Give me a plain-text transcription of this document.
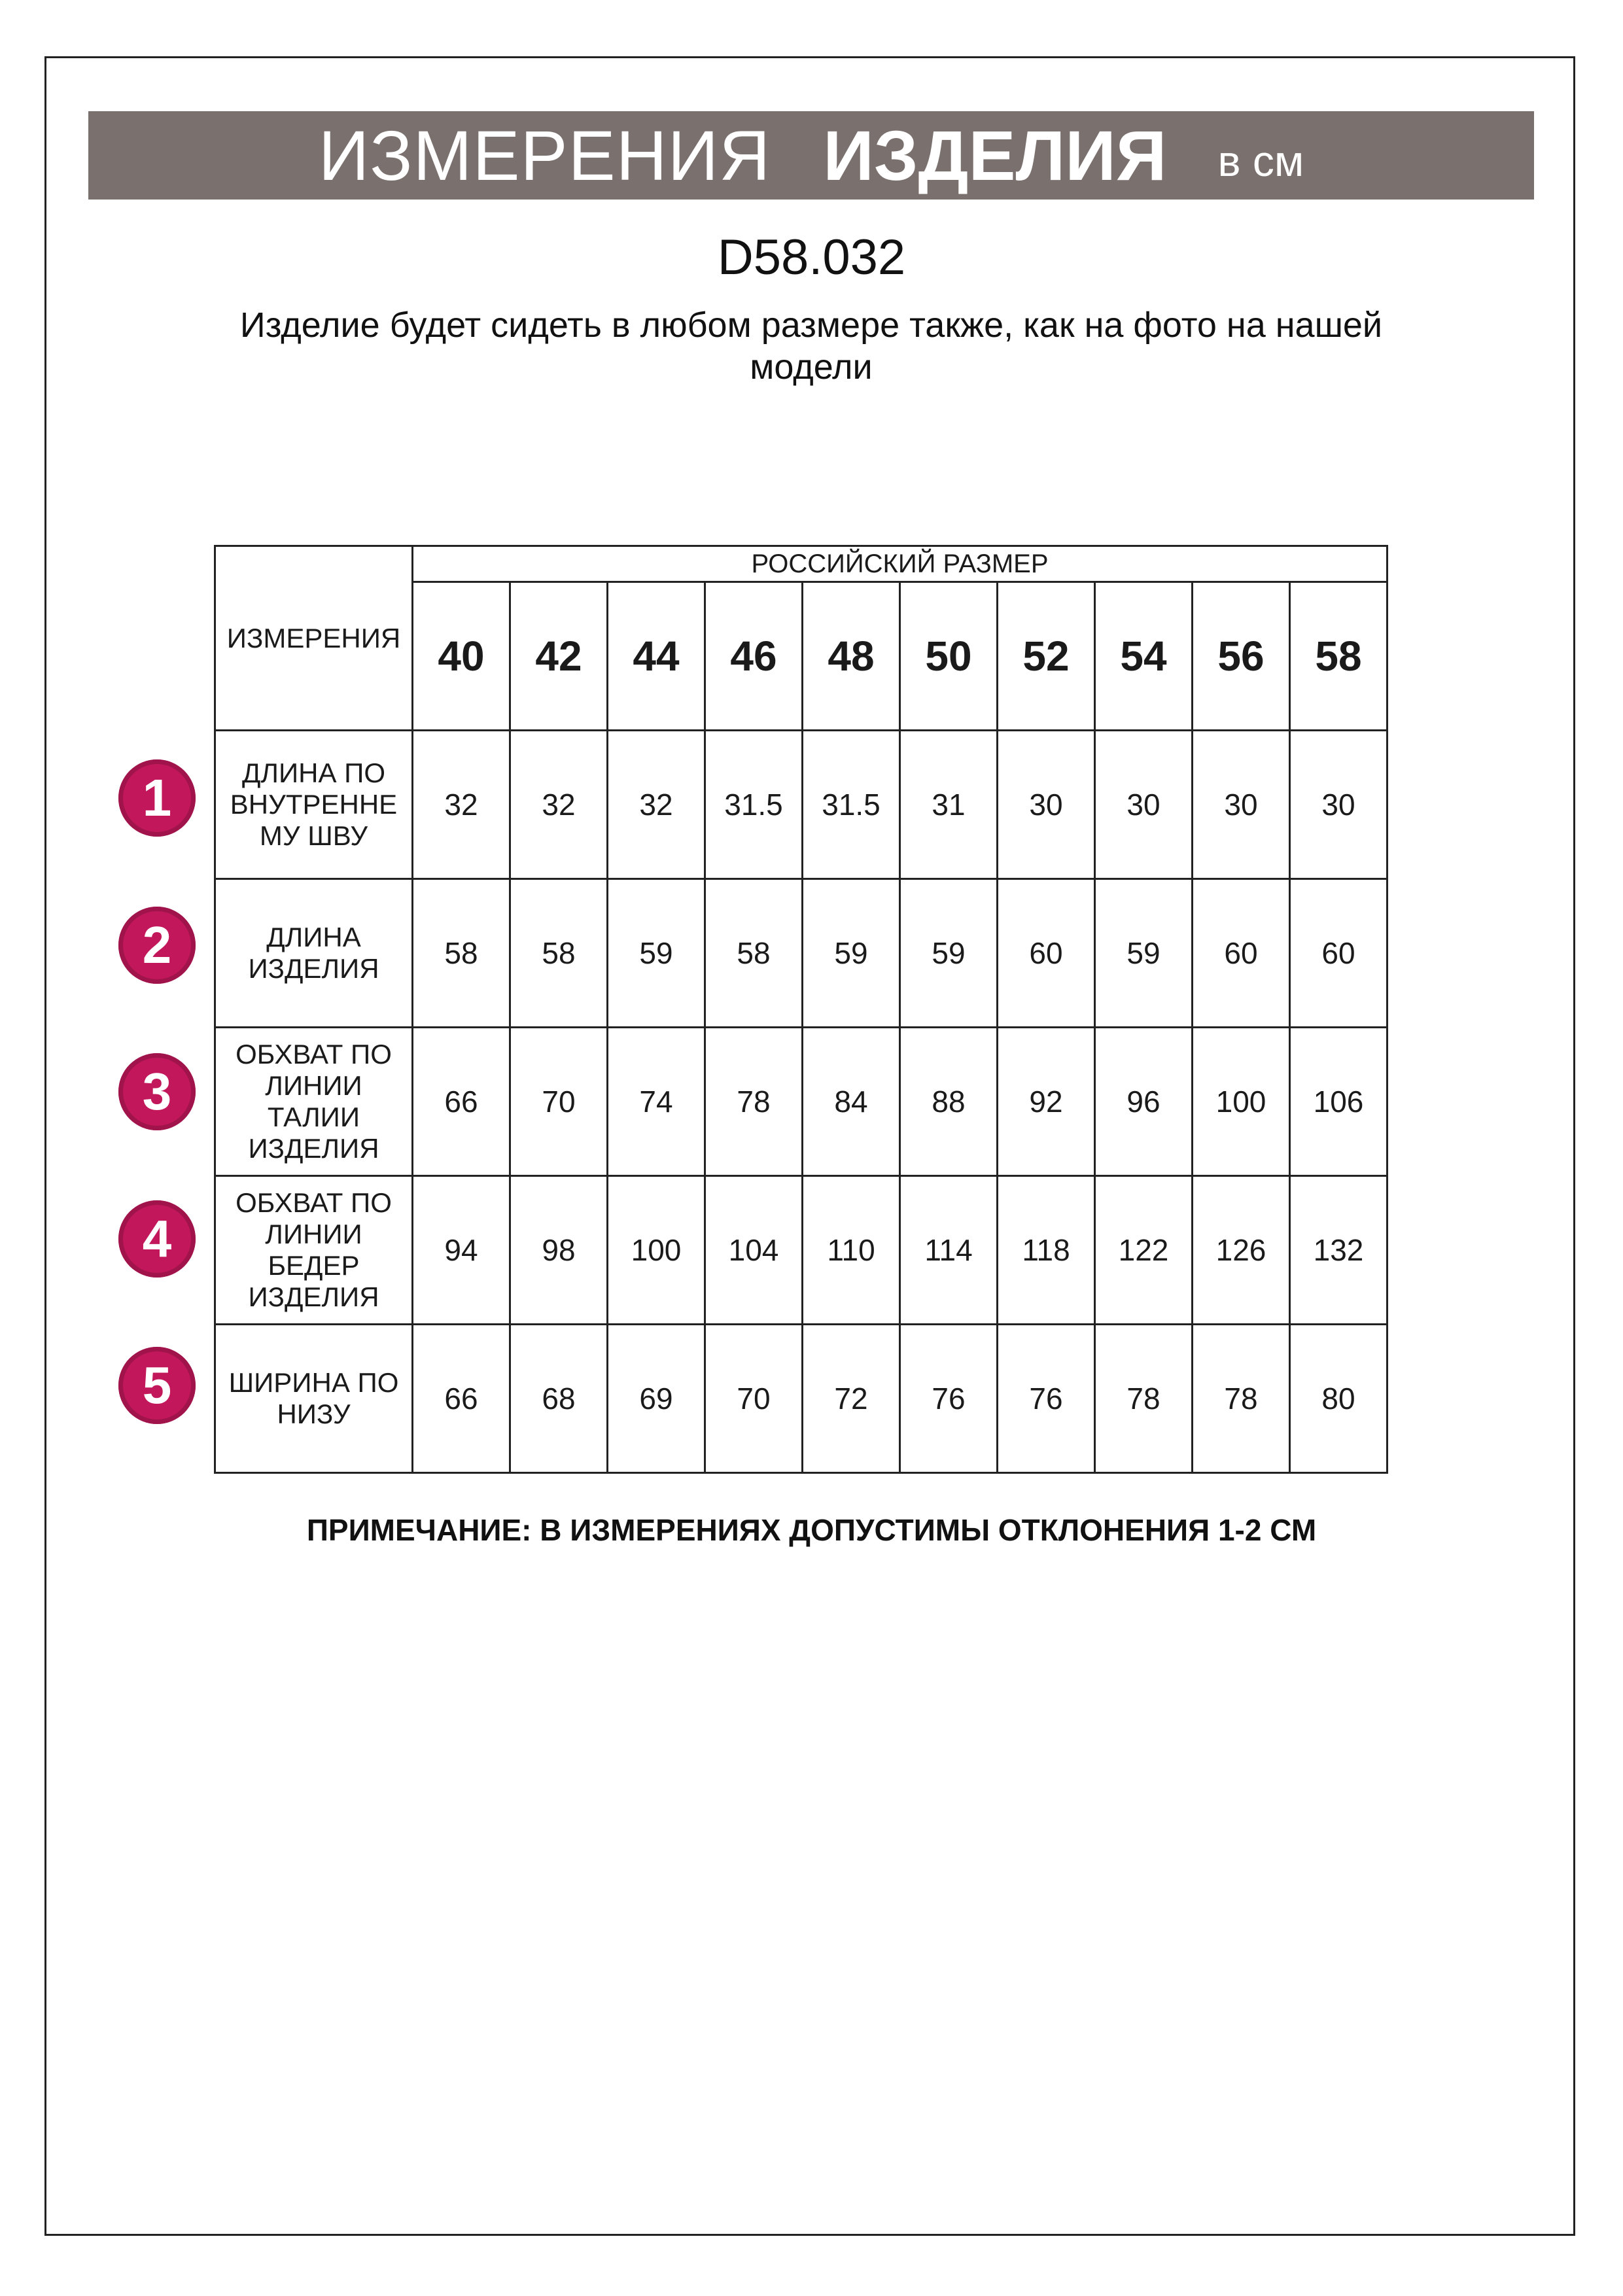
ИЗМЕРЕНИЯ ИЗДЕЛИЯ в см
D58.032
Изделие будет сидеть в любом размере также, как на фото на нашей модели
ИЗМЕРЕНИЯ	РОССИЙСКИЙ РАЗМЕР									
	40	42	44	46	48	50	52	54	56	58
ДЛИНА ПО ВНУТРЕННЕ МУ ШВУ	32	32	32	31.5	31.5	31	30	30	30	30
ДЛИНА ИЗДЕЛИЯ	58	58	59	58	59	59	60	59	60	60
ОБХВАТ ПО ЛИНИИ ТАЛИИ ИЗДЕЛИЯ	66	70	74	78	84	88	92	96	100	106
ОБХВАТ ПО ЛИНИИ БЕДЕР ИЗДЕЛИЯ	94	98	100	104	110	114	118	122	126	132
ШИРИНА ПО НИЗУ	66	68	69	70	72	76	76	78	78	80
1
2
3
4
5
ПРИМЕЧАНИЕ: В ИЗМЕРЕНИЯХ ДОПУСТИМЫ ОТКЛОНЕНИЯ 1-2 СМ
